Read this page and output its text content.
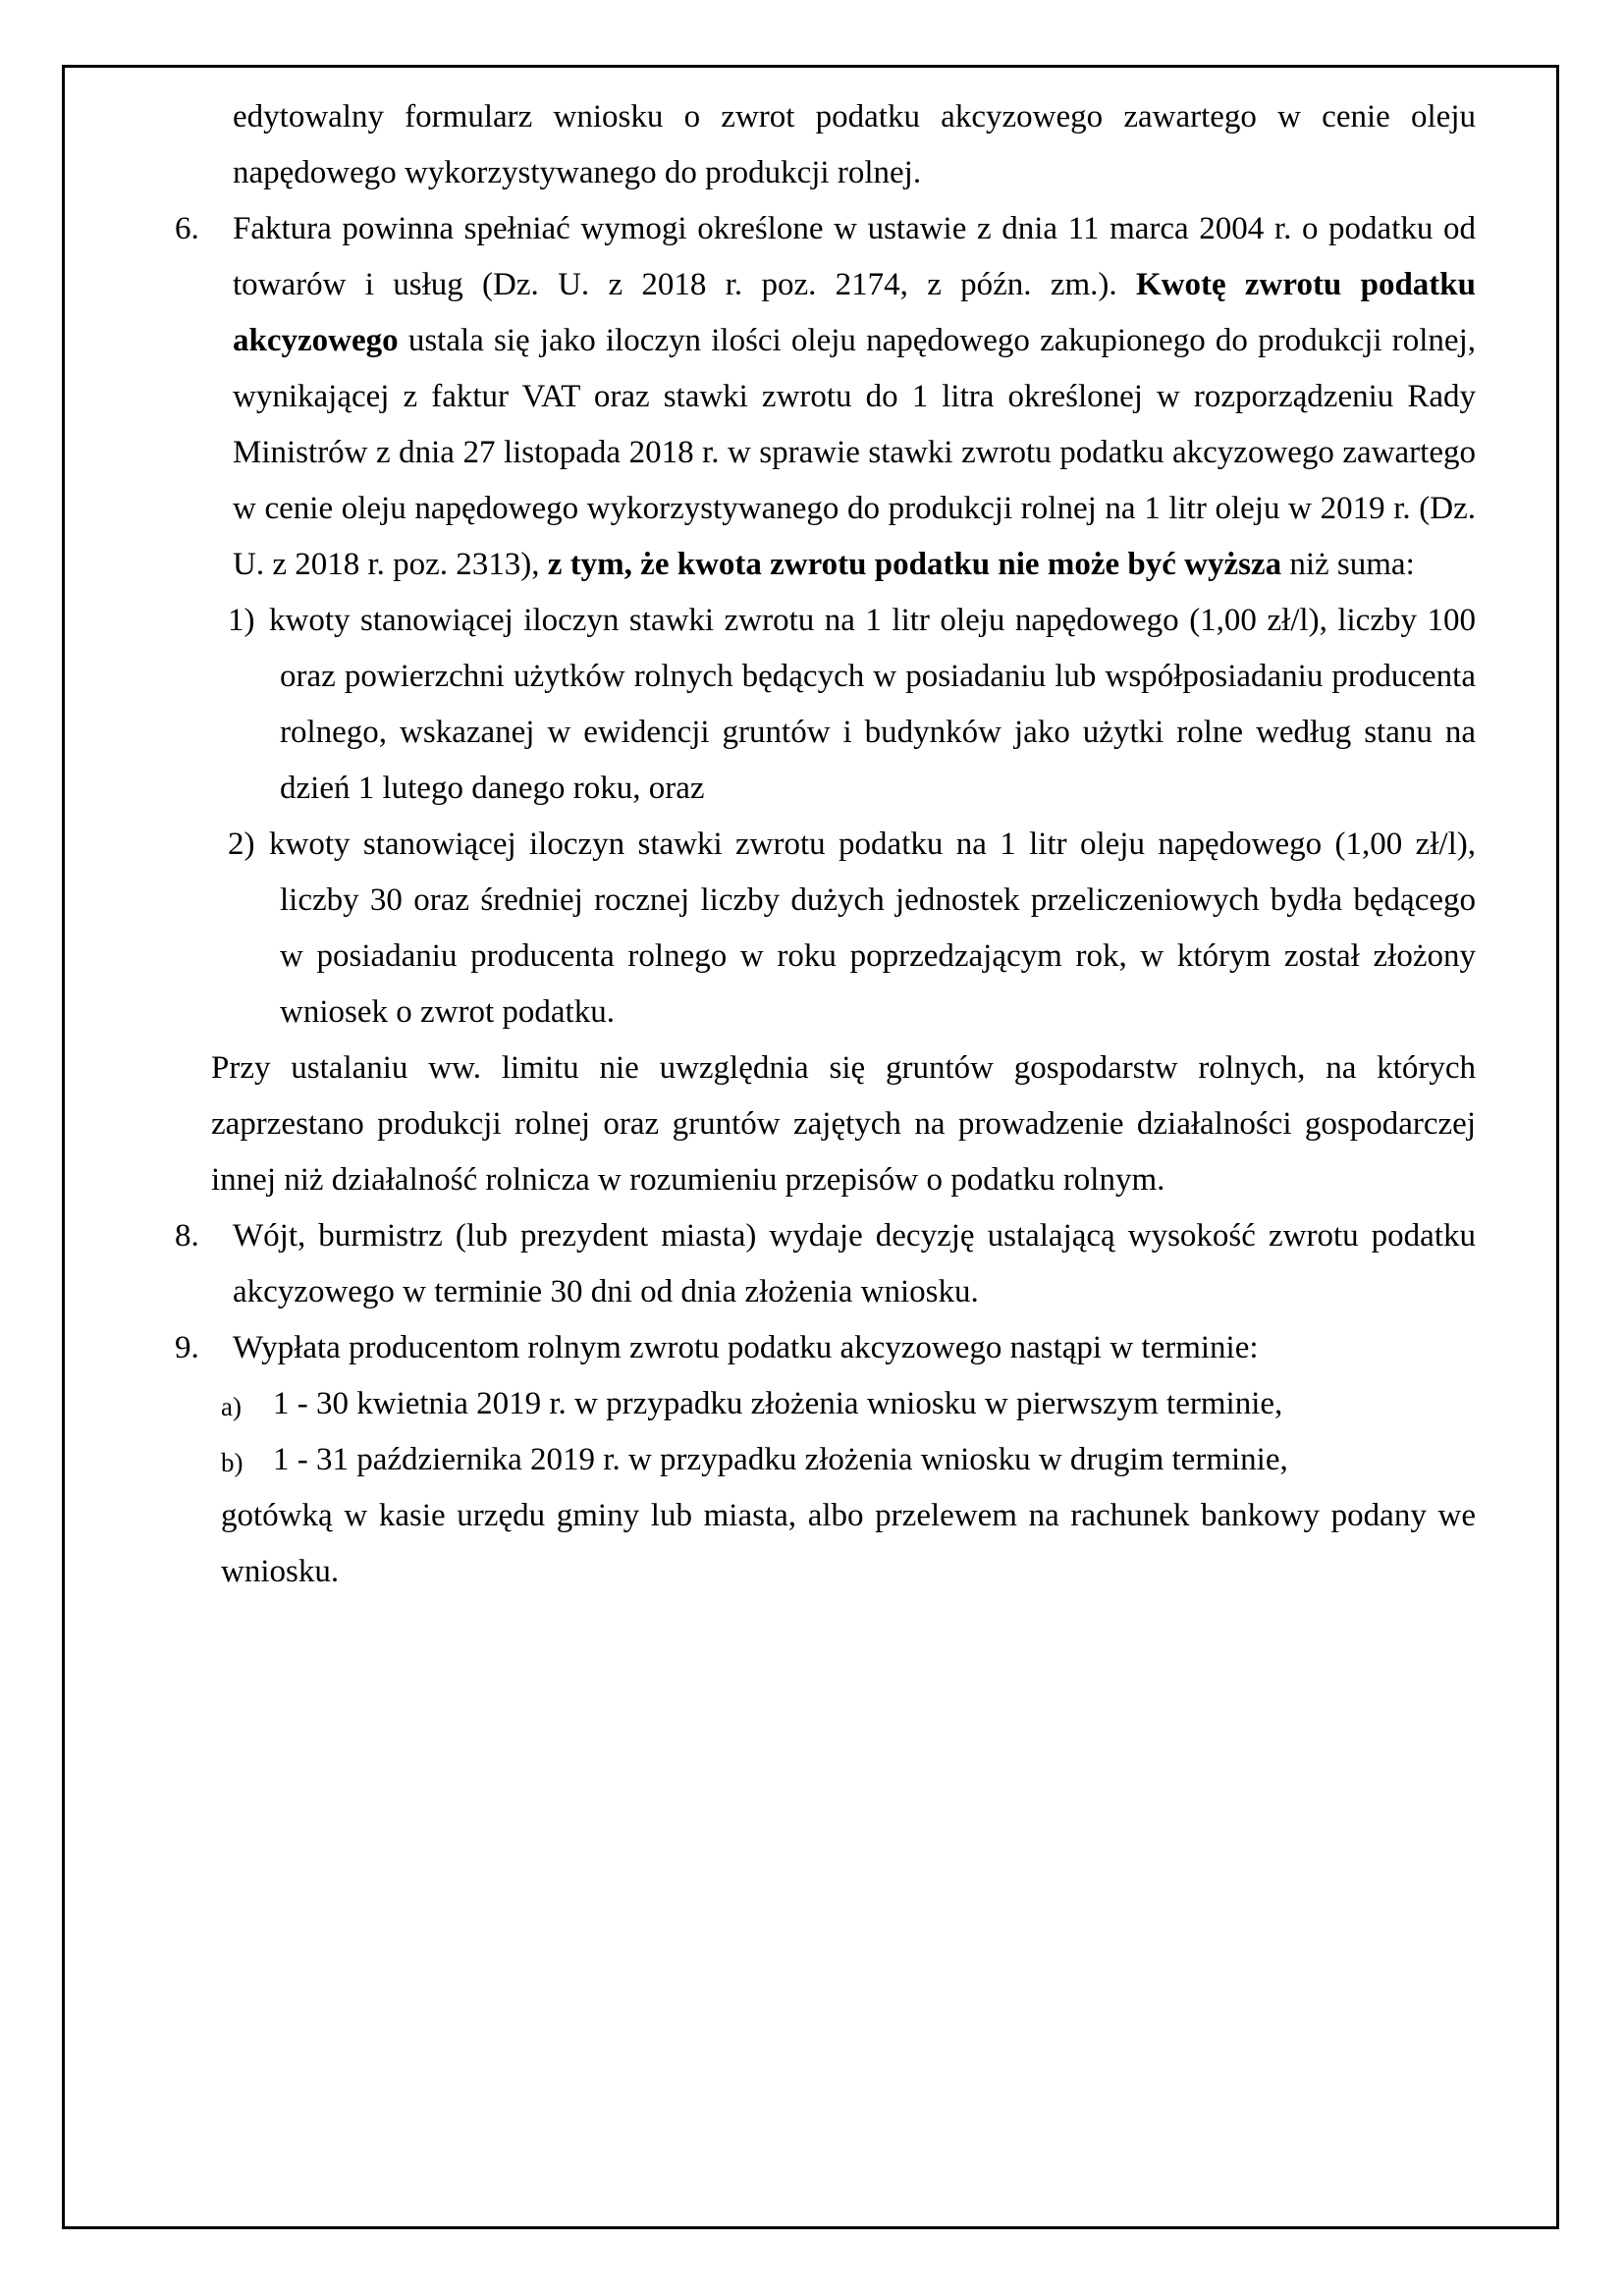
edytowalny formularz wniosku o zwrot podatku akcyzowego zawartego w cenie oleju napędowego wykorzystywanego do produkcji rolnej.
6. Faktura powinna spełniać wymogi określone w ustawie z dnia 11 marca 2004 r. o podatku od towarów i usług (Dz. U. z 2018 r. poz. 2174, z późn. zm.). Kwotę zwrotu podatku akcyzowego ustala się jako iloczyn ilości oleju napędowego zakupionego do produkcji rolnej, wynikającej z faktur VAT oraz stawki zwrotu do 1 litra określonej w rozporządzeniu Rady Ministrów z dnia 27 listopada 2018 r. w sprawie stawki zwrotu podatku akcyzowego zawartego w cenie oleju napędowego wykorzystywanego do produkcji rolnej na 1 litr oleju w 2019 r. (Dz. U. z 2018 r. poz. 2313), z tym, że kwota zwrotu podatku nie może być wyższa niż suma:
1) kwoty stanowiącej iloczyn stawki zwrotu na 1 litr oleju napędowego (1,00 zł/l), liczby 100 oraz powierzchni użytków rolnych będących w posiadaniu lub współposiadaniu producenta rolnego, wskazanej w ewidencji gruntów i budynków jako użytki rolne według stanu na dzień 1 lutego danego roku, oraz
2) kwoty stanowiącej iloczyn stawki zwrotu podatku na 1 litr oleju napędowego (1,00 zł/l), liczby 30 oraz średniej rocznej liczby dużych jednostek przeliczeniowych bydła będącego w posiadaniu producenta rolnego w roku poprzedzającym rok, w którym został złożony wniosek o zwrot podatku.
Przy ustalaniu ww. limitu nie uwzględnia się gruntów gospodarstw rolnych, na których zaprzestano produkcji rolnej oraz gruntów zajętych na prowadzenie działalności gospodarczej innej niż działalność rolnicza w rozumieniu przepisów o podatku rolnym.
8. Wójt, burmistrz (lub prezydent miasta) wydaje decyzję ustalającą wysokość zwrotu podatku akcyzowego w terminie 30 dni od dnia złożenia wniosku.
9. Wypłata producentom rolnym zwrotu podatku akcyzowego nastąpi w terminie:
a) 1 - 30 kwietnia 2019 r. w przypadku złożenia wniosku w pierwszym terminie,
b) 1 - 31 października 2019 r. w przypadku złożenia wniosku w drugim terminie,
gotówką w kasie urzędu gminy lub miasta, albo przelewem na rachunek bankowy podany we wniosku.
